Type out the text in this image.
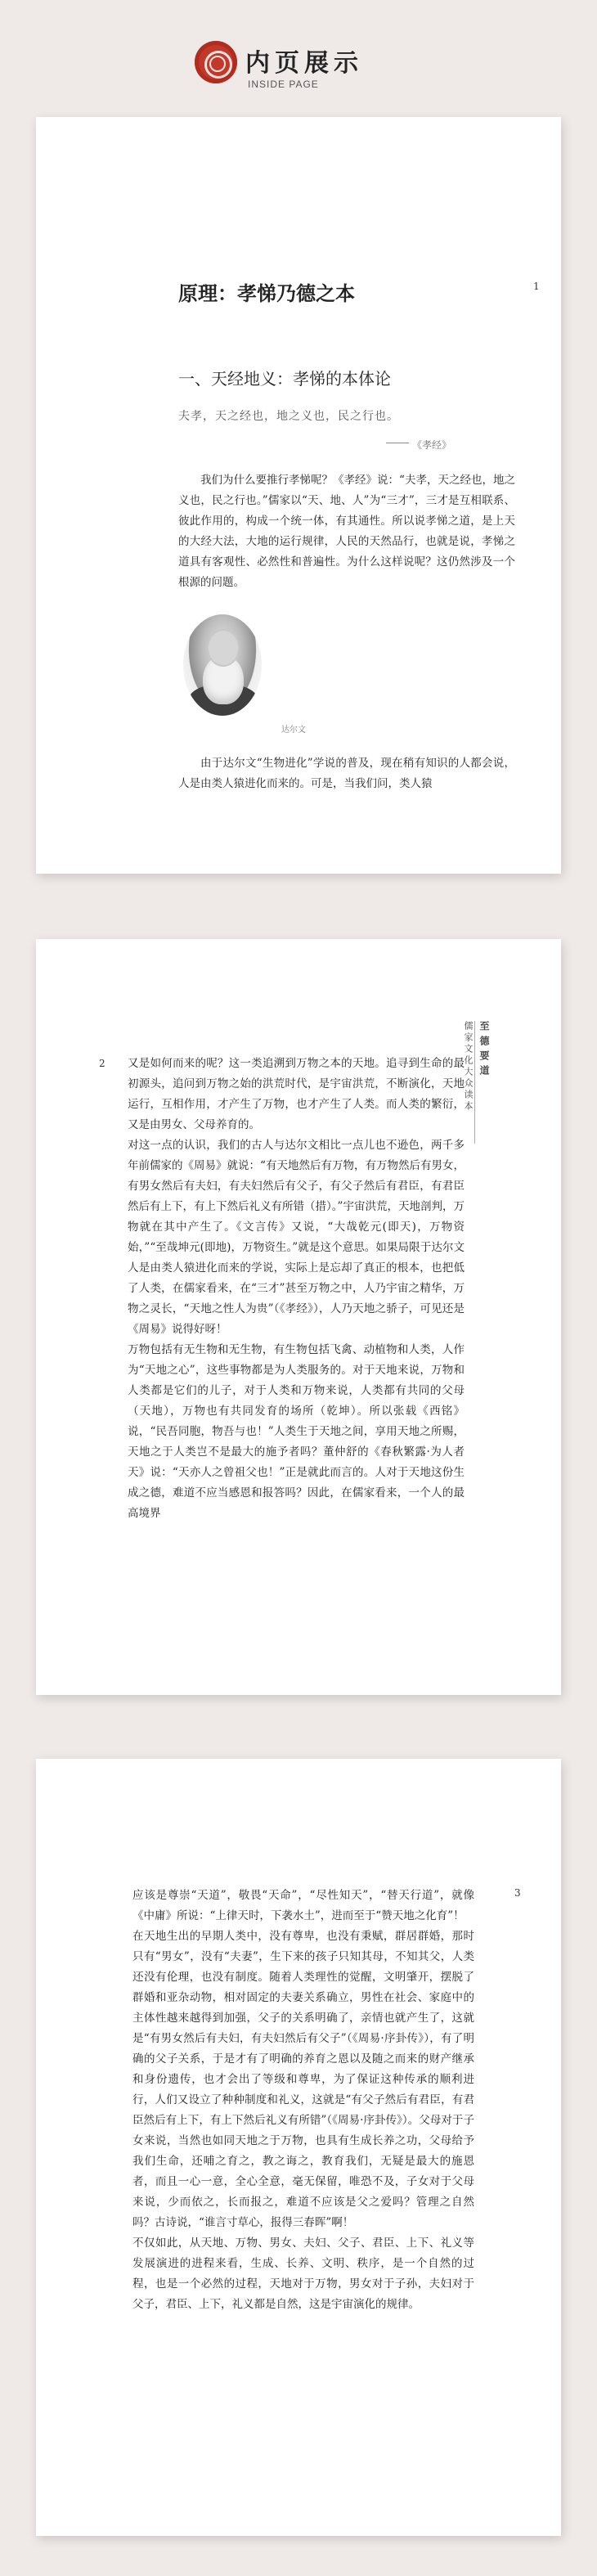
内页展示
INSIDE PAGE
1
原理：孝悌乃德之本
一、天经地义：孝悌的本体论
夫孝，天之经也，地之义也，民之行也。
《孝经》
我们为什么要推行孝悌呢？《孝经》说：“夫孝，天之经也，地之义也，民之行也。”儒家以“天、地、人”为“三才”，三才是互相联系、彼此作用的，构成一个统一体，有其通性。所以说孝悌之道，是上天的大经大法，大地的运行规律，人民的天然品行，也就是说，孝悌之道具有客观性、必然性和普遍性。为什么这样说呢？这仍然涉及一个根源的问题。
达尔文
由于达尔文“生物进化”学说的普及，现在稍有知识的人都会说，人是由类人猿进化而来的。可是，当我们问，类人猿
2	儒家文化大众读本 至德要道
又是如何而来的呢？这一类追溯到万物之本的天地。追寻到生命的最初源头，追问到万物之始的洪荒时代，是宇宙洪荒，不断演化，天地运行，互相作用，才产生了万物，也才产生了人类。而人类的繁衍，又是由男女、父母养育的。
对这一点的认识，我们的古人与达尔文相比一点儿也不逊色，两千多年前儒家的《周易》就说：“有天地然后有万物，有万物然后有男女，有男女然后有夫妇，有夫妇然后有父子，有父子然后有君臣，有君臣然后有上下，有上下然后礼义有所错（措）。”宇宙洪荒，天地剖判，万物就在其中产生了。《文言传》又说，“大哉乾元(即天)，万物资始，”“至哉坤元(即地)，万物资生。”就是这个意思。如果局限于达尔文人是由类人猿进化而来的学说，实际上是忘却了真正的根本，也把低了人类，在儒家看来，在“三才”甚至万物之中，人乃宇宙之精华，万物之灵长，“天地之性人为贵”（《孝经》），人乃天地之骄子，可见还是《周易》说得好呀！
万物包括有无生物和无生物，有生物包括飞禽、动植物和人类，人作为“天地之心”，这些事物都是为人类服务的。对于天地来说，万物和人类都是它们的儿子，对于人类和万物来说，人类都有共同的父母（天地），万物也有共同发育的场所（乾坤）。所以张载《西铭》说，“民吾同胞，物吾与也！”人类生于天地之间，享用天地之所赐，天地之于人类岂不是最大的施予者吗？董仲舒的《春秋繁露·为人者天》说：“天亦人之曾祖父也！”正是就此而言的。人对于天地这份生成之德，难道不应当感恩和报答吗？因此，在儒家看来，一个人的最高境界
3
应该是尊崇“天道”，敬畏“天命”，“尽性知天”，“替天行道”，就像《中庸》所说：“上律天时，下袭水土”，进而至于“赞天地之化育”！
在天地生出的早期人类中，没有尊卑，也没有秉赋，群居群婚，那时只有“男女”，没有“夫妻”，生下来的孩子只知其母，不知其父，人类还没有伦理，也没有制度。随着人类理性的觉醒，文明肇开，摆脱了群婚和亚杂动物，相对固定的夫妻关系确立，男性在社会、家庭中的主体性越来越得到加强，父子的关系明确了，亲情也就产生了，这就是“有男女然后有夫妇，有夫妇然后有父子”（《周易·序卦传》），有了明确的父子关系，于是才有了明确的养育之恩以及随之而来的财产继承和身份遗传，也才会出了等级和尊卑，为了保证这种传承的顺利进行，人们又设立了种种制度和礼义，这就是“有父子然后有君臣，有君臣然后有上下，有上下然后礼义有所错”（《周易·序卦传》）。父母对于子女来说，当然也如同天地之于万物，也具有生成长养之功，父母给予我们生命，还哺之育之，教之诲之，教育我们，无疑是最大的施恩者，而且一心一意，全心全意，毫无保留，唯恐不及，子女对于父母来说，少而依之，长而报之，难道不应该是父之爱吗？管理之自然吗？古诗说，“谁言寸草心，报得三春晖”啊！
不仅如此，从天地、万物、男女、夫妇、父子、君臣、上下、礼义等发展演进的进程来看，生成、长养、文明、秩序，是一个自然的过程，也是一个必然的过程，天地对于万物，男女对于子孙，夫妇对于父子，君臣、上下，礼义都是自然，这是宇宙演化的规律。
